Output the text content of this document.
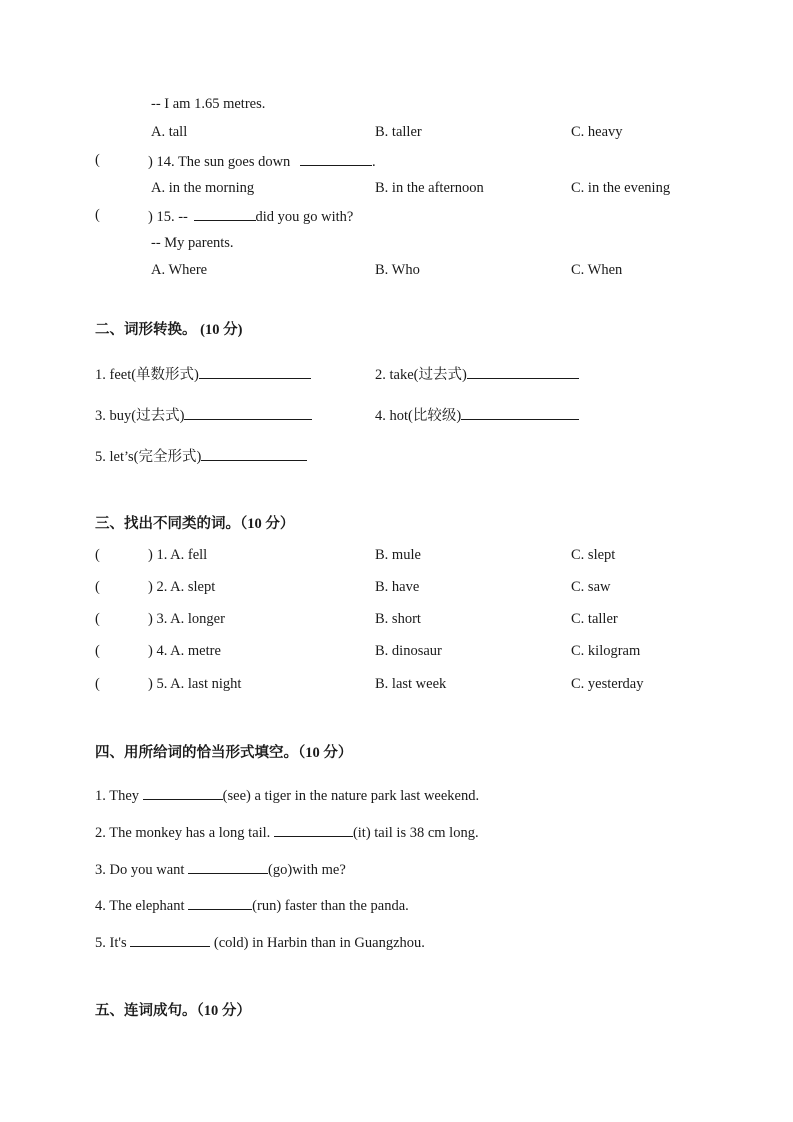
-- I am 1.65 metres.
A. tall	B. taller	C. heavy
(	) 14. The sun goes down	.
A. in the morning	B. in the afternoon	C. in the evening
(	) 15. --	did you go with?
-- My parents.
A. Where	B. Who	C. When
二、词形转换。 (10 分)
1. feet(单数形式)	2. take(过去式)
3. buy(过去式)	4. hot(比较级)
5. let’s(完全形式)
三、找出不同类的词。（10 分）
(	) 1. A. fell	B. mule	C. slept
(	) 2. A. slept	B. have	C. saw
(	) 3. A. longer	B. short	C. taller
(	) 4. A. metre	B. dinosaur	C. kilogram
(	) 5. A. last night	B. last week	C. yesterday
四、用所给词的恰当形式填空。（10 分）
1. They	(see) a tiger in the nature park last weekend.
2. The monkey has a long tail.	(it) tail is 38 cm long.
3. Do you want	(go)with me?
4. The elephant	(run) faster than the panda.
5. It's	(cold) in Harbin than in Guangzhou.
五、连词成句。（10 分）
